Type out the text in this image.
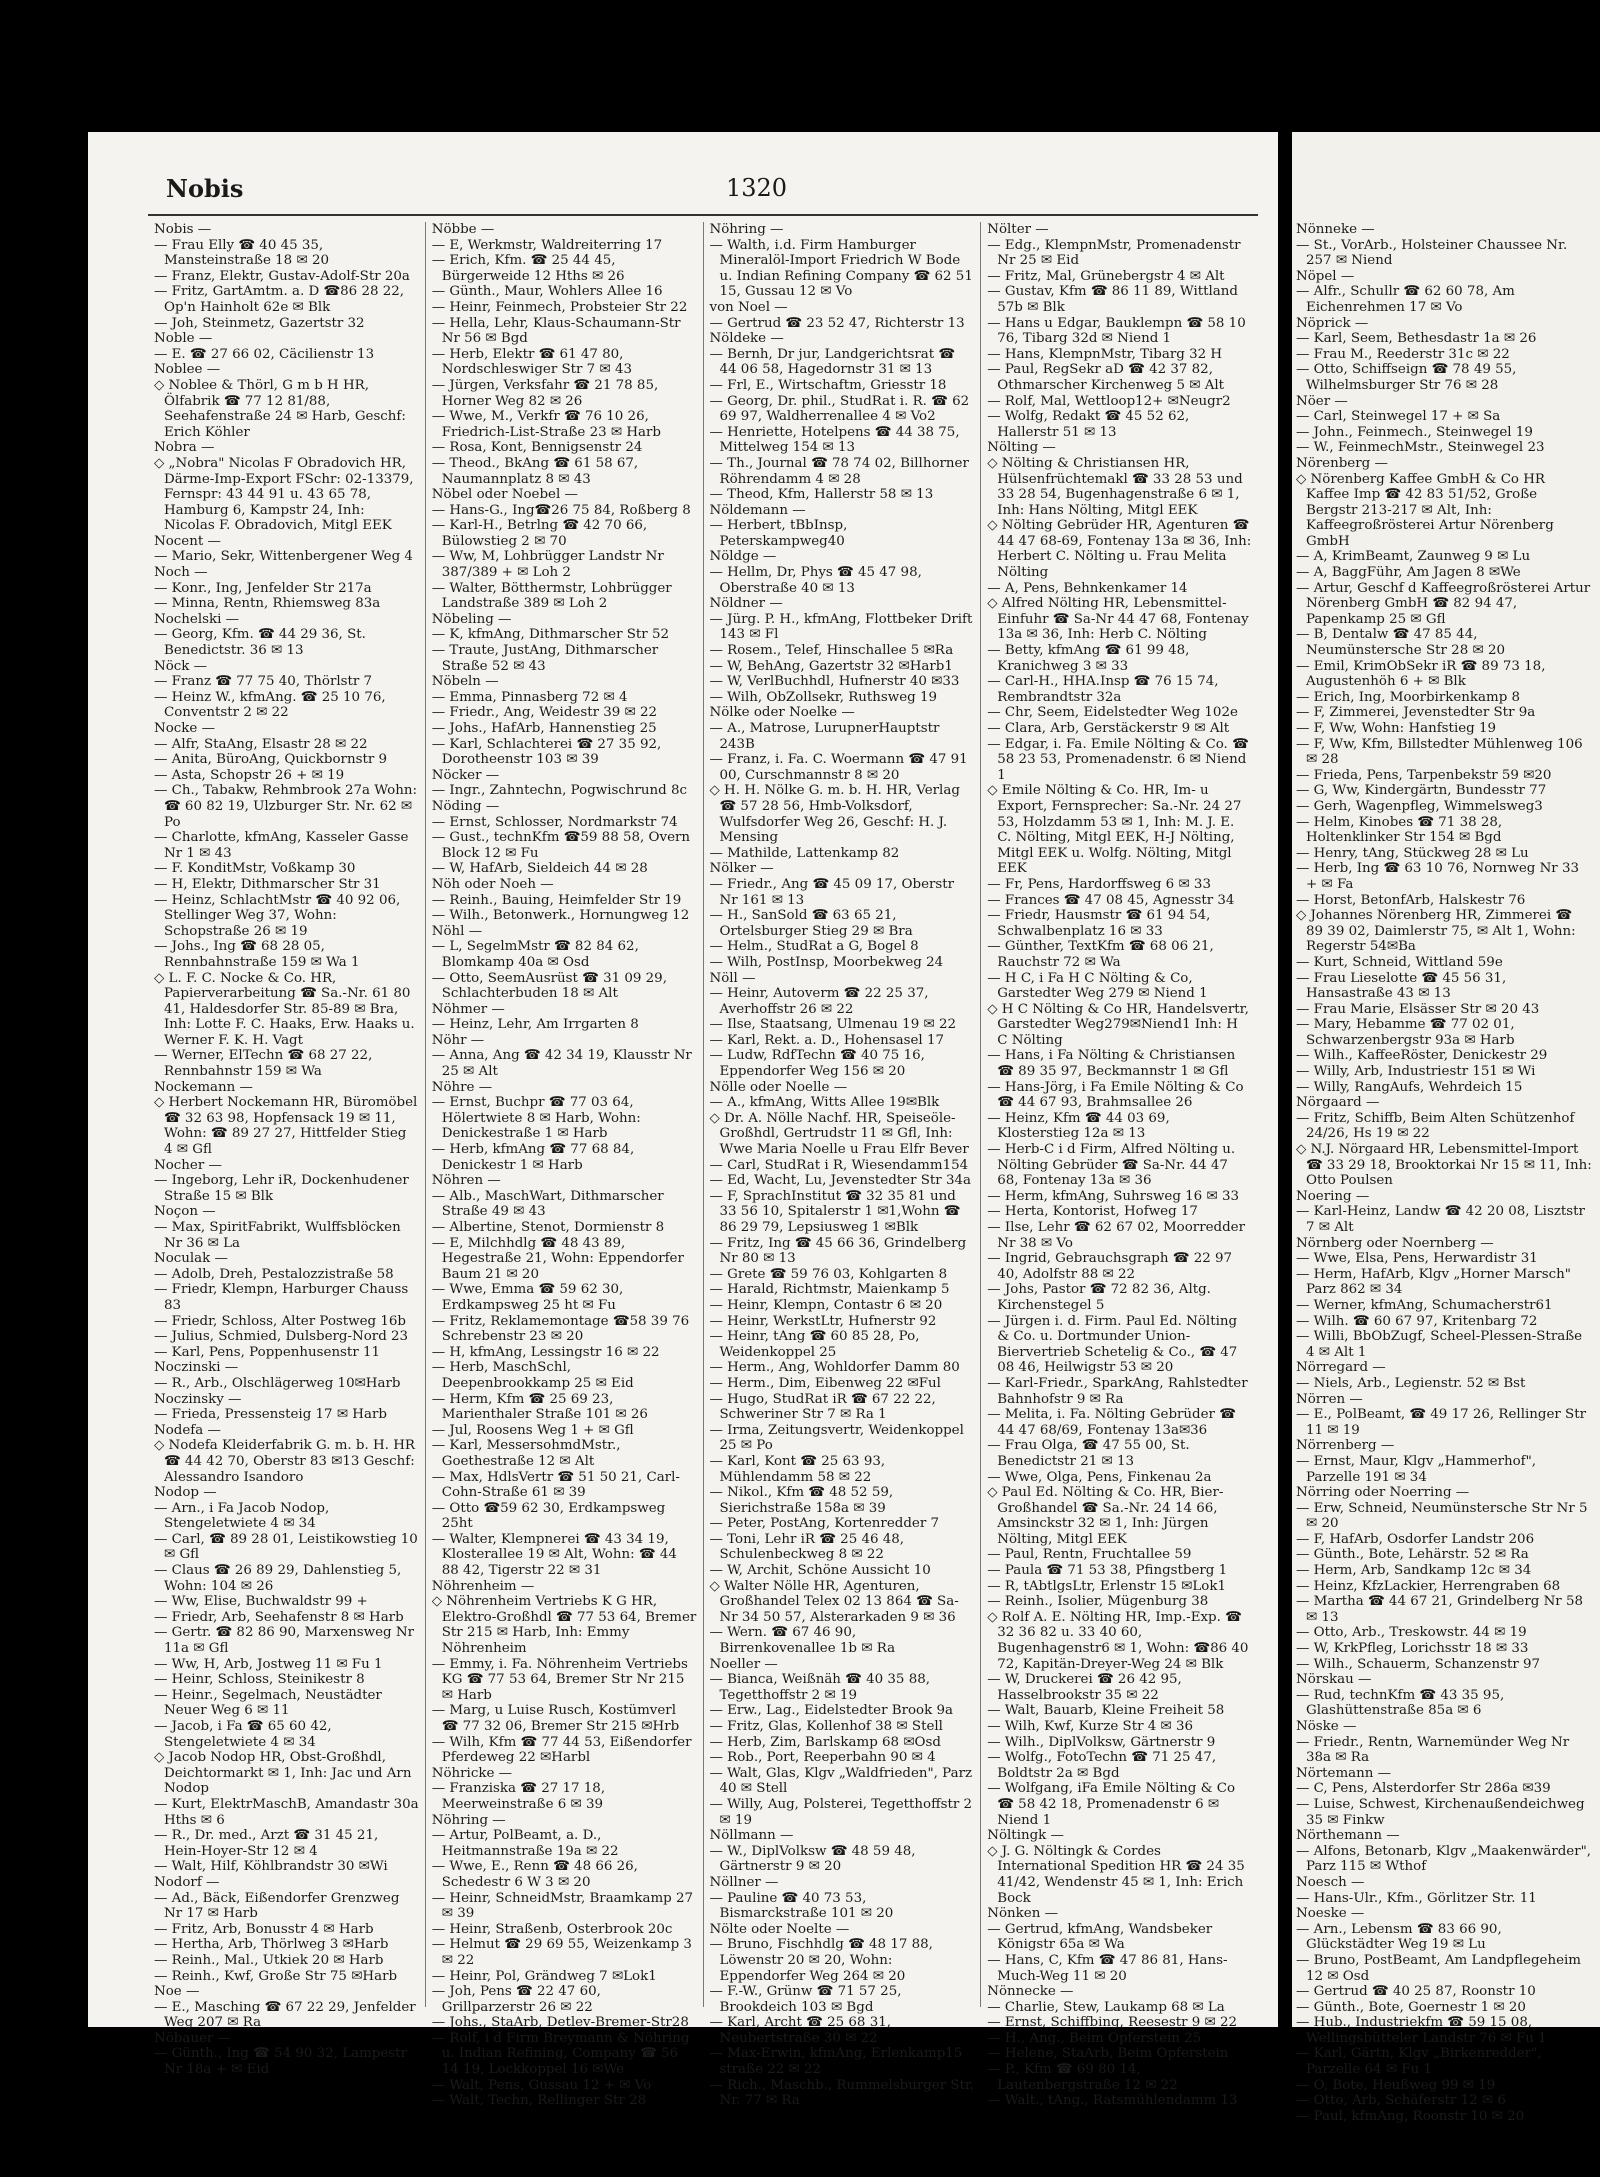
Nobis	1320

Nobis —

— Frau Elly ☎ 40 45 35, Mansteinstraße 18 ✉ 20

— Franz, Elektr, Gustav-Adolf-Str 20a

— Fritz, GartAmtm. a. D ☎86 28 22, Op'n Hainholt 62e ✉ Blk

— Joh, Steinmetz, Gazertstr 32

Noble —

— E. ☎ 27 66 02, Cäcilienstr 13

Noblee —

◇ Noblee & Thörl, G m b H HR, Ölfabrik ☎ 77 12 81/88, Seehafenstraße 24 ✉ Harb, Geschf: Erich Köhler

Nobra —

◇ „Nobra" Nicolas F Obradovich HR, Därme-Imp-Export FSchr: 02-13379, Fernspr: 43 44 91 u. 43 65 78, Hamburg 6, Kampstr 24, Inh: Nicolas F. Obradovich, Mitgl EEK

Nocent —

— Mario, Sekr, Wittenbergener Weg 4

Noch —

— Konr., Ing, Jenfelder Str 217a

— Minna, Rentn, Rhiemsweg 83a

Nochelski —

— Georg, Kfm. ☎ 44 29 36, St. Benedictstr. 36 ✉ 13

Nöck —

— Franz ☎ 77 75 40, Thörlstr 7

— Heinz W., kfmAng. ☎ 25 10 76, Conventstr 2 ✉ 22

Nocke —

— Alfr, StaAng, Elsastr 28 ✉ 22

— Anita, BüroAng, Quickbornstr 9

— Asta, Schopstr 26 + ✉ 19

— Ch., Tabakw, Rehmbrook 27a Wohn: ☎ 60 82 19, Ulzburger Str. Nr. 62 ✉ Po

— Charlotte, kfmAng, Kasseler Gasse Nr 1 ✉ 43

— F. KonditMstr, Voßkamp 30

— H, Elektr, Dithmarscher Str 31

— Heinz, SchlachtMstr ☎ 40 92 06, Stellinger Weg 37, Wohn: Schopstraße 26 ✉ 19

— Johs., Ing ☎ 68 28 05, Rennbahnstraße 159 ✉ Wa 1

◇ L. F. C. Nocke & Co. HR, Papierverarbeitung ☎ Sa.-Nr. 61 80 41, Haldesdorfer Str. 85-89 ✉ Bra, Inh: Lotte F. C. Haaks, Erw. Haaks u. Werner F. K. H. Vagt

— Werner, ElTechn ☎ 68 27 22, Rennbahnstr 159 ✉ Wa

Nockemann —

◇ Herbert Nockemann HR, Büromöbel ☎ 32 63 98, Hopfensack 19 ✉ 11, Wohn: ☎ 89 27 27, Hittfelder Stieg 4 ✉ Gfl

Nocher —

— Ingeborg, Lehr iR, Dockenhudener Straße 15 ✉ Blk

Noçon —

— Max, SpiritFabrikt, Wulffsblöcken Nr 36 ✉ La

Noculak —

— Adolb, Dreh, Pestalozzistraße 58

— Friedr, Klempn, Harburger Chauss 83

— Friedr, Schloss, Alter Postweg 16b

— Julius, Schmied, Dulsberg-Nord 23

— Karl, Pens, Poppenhusenstr 11

Noczinski —

— R., Arb., Olschlägerweg 10✉Harb

Noczinsky —

— Frieda, Pressensteig 17 ✉ Harb

Nodefa —

◇ Nodefa Kleiderfabrik G. m. b. H. HR ☎ 44 42 70, Oberstr 83 ✉13 Geschf: Alessandro Isandoro

Nodop —

— Arn., i Fa Jacob Nodop, Stengeletwiete 4 ✉ 34

— Carl, ☎ 89 28 01, Leistikowstieg 10 ✉ Gfl

— Claus ☎ 26 89 29, Dahlenstieg 5, Wohn: 104 ✉ 26

— Ww, Elise, Buchwaldstr 99 +

— Friedr, Arb, Seehafenstr 8 ✉ Harb

— Gertr. ☎ 82 86 90, Marxensweg Nr 11a ✉ Gfl

— Ww, H, Arb, Jostweg 11 ✉ Fu 1

— Heinr, Schloss, Steinikestr 8

— Heinr., Segelmach, Neustädter Neuer Weg 6 ✉ 11

— Jacob, i Fa ☎ 65 60 42, Stengeletwiete 4 ✉ 34

◇ Jacob Nodop HR, Obst-Großhdl, Deichtormarkt ✉ 1, Inh: Jac und Arn Nodop

— Kurt, ElektrMaschB, Amandastr 30a Hths ✉ 6

— R., Dr. med., Arzt ☎ 31 45 21, Hein-Hoyer-Str 12 ✉ 4

— Walt, Hilf, Köhlbrandstr 30 ✉Wi

Nodorf —

— Ad., Bäck, Eißendorfer Grenzweg Nr 17 ✉ Harb

— Fritz, Arb, Bonusstr 4 ✉ Harb

— Hertha, Arb, Thörlweg 3 ✉Harb

— Reinh., Mal., Utkiek 20 ✉ Harb

— Reinh., Kwf, Große Str 75 ✉Harb

Noe —

— E., Masching ☎ 67 22 29, Jenfelder Weg 207 ✉ Ra

Nöbauer —

— Günth., Ing ☎ 54 90 32, Lampestr Nr 18a + ✉ Eid

Nöbbe —

— E, Werkmstr, Waldreiterring 17

— Erich, Kfm. ☎ 25 44 45, Bürgerweide 12 Hths ✉ 26

— Günth., Maur, Wohlers Allee 16

— Heinr, Feinmech, Probsteier Str 22

— Hella, Lehr, Klaus-Schaumann-Str Nr 56 ✉ Bgd

— Herb, Elektr ☎ 61 47 80, Nordschleswiger Str 7 ✉ 43

— Jürgen, Verksfahr ☎ 21 78 85, Horner Weg 82 ✉ 26

— Wwe, M., Verkfr ☎ 76 10 26, Friedrich-List-Straße 23 ✉ Harb

— Rosa, Kont, Bennigsenstr 24

— Theod., BkAng ☎ 61 58 67, Naumannplatz 8 ✉ 43

Nöbel oder Noebel —

— Hans-G., Ing☎26 75 84, Roßberg 8

— Karl-H., Betrlng ☎ 42 70 66, Bülowstieg 2 ✉ 70

— Ww, M, Lohbrügger Landstr Nr 387/389 + ✉ Loh 2

— Walter, Bötthermstr, Lohbrügger Landstraße 389 ✉ Loh 2

Nöbeling —

— K, kfmAng, Dithmarscher Str 52

— Traute, JustAng, Dithmarscher Straße 52 ✉ 43

Nöbeln —

— Emma, Pinnasberg 72 ✉ 4

— Friedr., Ang, Weidestr 39 ✉ 22

— Johs., HafArb, Hannenstieg 25

— Karl, Schlachterei ☎ 27 35 92, Dorotheenstr 103 ✉ 39

Nöcker —

— Ingr., Zahntechn, Pogwischrund 8c

Nöding —

— Ernst, Schlosser, Nordmarkstr 74

— Gust., technKfm ☎59 88 58, Overn Block 12 ✉ Fu

— W, HafArb, Sieldeich 44 ✉ 28

Nöh oder Noeh —

— Reinh., Bauing, Heimfelder Str 19

— Wilh., Betonwerk., Hornungweg 12

Nöhl —

— L, SegelmMstr ☎ 82 84 62, Blomkamp 40a ✉ Osd

— Otto, SeemAusrüst ☎ 31 09 29, Schlachterbuden 18 ✉ Alt

Nöhmer —

— Heinz, Lehr, Am Irrgarten 8

Nöhr —

— Anna, Ang ☎ 42 34 19, Klausstr Nr 25 ✉ Alt

Nöhre —

— Ernst, Buchpr ☎ 77 03 64, Hölertwiete 8 ✉ Harb, Wohn: Denickestraße 1 ✉ Harb

— Herb, kfmAng ☎ 77 68 84, Denickestr 1 ✉ Harb

Nöhren —

— Alb., MaschWart, Dithmarscher Straße 49 ✉ 43

— Albertine, Stenot, Dormienstr 8

— E, Milchhdlg ☎ 48 43 89, Hegestraße 21, Wohn: Eppendorfer Baum 21 ✉ 20

— Wwe, Emma ☎ 59 62 30, Erdkampsweg 25 ht ✉ Fu

— Fritz, Reklamemontage ☎58 39 76 Schrebenstr 23 ✉ 20

— H, kfmAng, Lessingstr 16 ✉ 22

— Herb, MaschSchl, Deepenbrookkamp 25 ✉ Eid

— Herm, Kfm ☎ 25 69 23, Marienthaler Straße 101 ✉ 26

— Jul, Roosens Weg 1 + ✉ Gfl

— Karl, MessersohmdMstr., Goethestraße 12 ✉ Alt

— Max, HdlsVertr ☎ 51 50 21, Carl-Cohn-Straße 61 ✉ 39

— Otto ☎59 62 30, Erdkampsweg 25ht

— Walter, Klempnerei ☎ 43 34 19, Klosterallee 19 ✉ Alt, Wohn: ☎ 44 88 42, Tigerstr 22 ✉ 31

Nöhrenheim —

◇ Nöhrenheim Vertriebs K G HR, Elektro-Großhdl ☎ 77 53 64, Bremer Str 215 ✉ Harb, Inh: Emmy Nöhrenheim

— Emmy, i. Fa. Nöhrenheim Vertriebs KG ☎ 77 53 64, Bremer Str Nr 215 ✉ Harb

— Marg, u Luise Rusch, Kostümverl ☎ 77 32 06, Bremer Str 215 ✉Hrb

— Wilh, Kfm ☎ 77 44 53, Eißendorfer Pferdeweg 22 ✉Harbl

Nöhricke —

— Franziska ☎ 27 17 18, Meerweinstraße 6 ✉ 39

Nöhring —

— Artur, PolBeamt, a. D., Heitmannstraße 19a ✉ 22

— Wwe, E., Renn ☎ 48 66 26, Schedestr 6 W 3 ✉ 20

— Heinr, SchneidMstr, Braamkamp 27 ✉ 39

— Heinr, Straßenb, Osterbrook 20c

— Helmut ☎ 29 69 55, Weizenkamp 3 ✉ 22

— Heinr, Pol, Grändweg 7 ✉Lok1

— Joh, Pens ☎ 22 47 60, Grillparzerstr 26 ✉ 22

— Johs., StaArb, Detlev-Bremer-Str28

— Rolf, i d Firm Breymann & Nöhring u. Indian Refining, Company ☎ 56 14 19, Lockkoppel 16 ✉We

— Walt, Pens, Gussau 12 + ✉ Vo

— Walt, Techn, Rellinger Str 28

Nöhring —

— Walth, i.d. Firm Hamburger Mineralöl-Import Friedrich W Bode u. Indian Refining Company ☎ 62 51 15, Gussau 12 ✉ Vo

von Noel —

— Gertrud ☎ 23 52 47, Richterstr 13

Nöldeke —

— Bernh, Dr jur, Landgerichtsrat ☎ 44 06 58, Hagedornstr 31 ✉ 13

— Frl, E., Wirtschaftm, Griesstr 18

— Georg, Dr. phil., StudRat i. R. ☎ 62 69 97, Waldherrenallee 4 ✉ Vo2

— Henriette, Hotelpens ☎ 44 38 75, Mittelweg 154 ✉ 13

— Th., Journal ☎ 78 74 02, Billhorner Röhrendamm 4 ✉ 28

— Theod, Kfm, Hallerstr 58 ✉ 13

Nöldemann —

— Herbert, tBbInsp, Peterskampweg40

Nöldge —

— Hellm, Dr, Phys ☎ 45 47 98, Oberstraße 40 ✉ 13

Nöldner —

— Jürg. P. H., kfmAng, Flottbeker Drift 143 ✉ Fl

— Rosem., Telef, Hinschallee 5 ✉Ra

— W, BehAng, Gazertstr 32 ✉Harb1

— W, VerlBuchhdl, Hufnerstr 40 ✉33

— Wilh, ObZollsekr, Ruthsweg 19

Nölke oder Noelke —

— A., Matrose, LurupnerHauptstr 243B

— Franz, i. Fa. C. Woermann ☎ 47 91 00, Curschmannstr 8 ✉ 20

◇ H. H. Nölke G. m. b. H. HR, Verlag ☎ 57 28 56, Hmb-Volksdorf, Wulfsdorfer Weg 26, Geschf: H. J. Mensing

— Mathilde, Lattenkamp 82

Nölker —

— Friedr., Ang ☎ 45 09 17, Oberstr Nr 161 ✉ 13

— H., SanSold ☎ 63 65 21, Ortelsburger Stieg 29 ✉ Bra

— Helm., StudRat a G, Bogel 8

— Wilh, PostInsp, Moorbekweg 24

Nöll —

— Heinr, Autoverm ☎ 22 25 37, Averhoffstr 26 ✉ 22

— Ilse, Staatsang, Ulmenau 19 ✉ 22

— Karl, Rekt. a. D., Hohensasel 17

— Ludw, RdfTechn ☎ 40 75 16, Eppendorfer Weg 156 ✉ 20

Nölle oder Noelle —

— A., kfmAng, Witts Allee 19✉Blk

◇ Dr. A. Nölle Nachf. HR, Speiseöle-Großhdl, Gertrudstr 11 ✉ Gfl, Inh: Wwe Maria Noelle u Frau Elfr Bever

— Carl, StudRat i R, Wiesendamm154

— Ed, Wacht, Lu, Jevenstedter Str 34a

— F, SprachInstitut ☎ 32 35 81 und 33 56 10, Spitalerstr 1 ✉1,Wohn ☎ 86 29 79, Lepsiusweg 1 ✉Blk

— Fritz, Ing ☎ 45 66 36, Grindelberg Nr 80 ✉ 13

— Grete ☎ 59 76 03, Kohlgarten 8

— Harald, Richtmstr, Maienkamp 5

— Heinr, Klempn, Contastr 6 ✉ 20

— Heinr, WerkstLtr, Hufnerstr 92

— Heinr, tAng ☎ 60 85 28, Po, Weidenkoppel 25

— Herm., Ang, Wohldorfer Damm 80

— Herm., Dim, Eibenweg 22 ✉Ful

— Hugo, StudRat iR ☎ 67 22 22, Schweriner Str 7 ✉ Ra 1

— Irma, Zeitungsvertr, Weidenkoppel 25 ✉ Po

— Karl, Kont ☎ 25 63 93, Mühlendamm 58 ✉ 22

— Nikol., Kfm ☎ 48 52 59, Sierichstraße 158a ✉ 39

— Peter, PostAng, Kortenredder 7

— Toni, Lehr iR ☎ 25 46 48, Schulenbeckweg 8 ✉ 22

— W, Archit, Schöne Aussicht 10

◇ Walter Nölle HR, Agenturen, Großhandel Telex 02 13 864 ☎ Sa-Nr 34 50 57, Alsterarkaden 9 ✉ 36

— Wern. ☎ 67 46 90, Birrenkovenallee 1b ✉ Ra

Noeller —

— Bianca, Weißnäh ☎ 40 35 88, Tegetthoffstr 2 ✉ 19

— Erw., Lag., Eidelstedter Brook 9a

— Fritz, Glas, Kollenhof 38 ✉ Stell

— Herb, Zim, Barlskamp 68 ✉Osd

— Rob., Port, Reeperbahn 90 ✉ 4

— Walt, Glas, Klgv „Waldfrieden", Parz 40 ✉ Stell

— Willy, Aug, Polsterei, Tegetthoffstr 2 ✉ 19

Nöllmann —

— W., DiplVolksw ☎ 48 59 48, Gärtnerstr 9 ✉ 20

Nöllner —

— Pauline ☎ 40 73 53, Bismarckstraße 101 ✉ 20

Nölte oder Noelte —

— Bruno, Fischhdlg ☎ 48 17 88, Löwenstr 20 ✉ 20, Wohn: Eppendorfer Weg 264 ✉ 20

— F.-W., Grünw ☎ 71 57 25, Brookdeich 103 ✉ Bgd

— Karl, Archt ☎ 25 68 31, Neubertstraße 30 ✉ 22

— Max-Erwin, kfmAng, Erlenkamp15 straße 22 ✉ 22

— Rich., Maschb., Rummelsburger Str. Nr. 77 ✉ Ra

Nölter —

— Edg., KlempnMstr, Promenadenstr Nr 25 ✉ Eid

— Fritz, Mal, Grünebergstr 4 ✉ Alt

— Gustav, Kfm ☎ 86 11 89, Wittland 57b ✉ Blk

— Hans u Edgar, Bauklempn ☎ 58 10 76, Tibarg 32d ✉ Niend 1

— Hans, KlempnMstr, Tibarg 32 H

— Paul, RegSekr aD ☎ 42 37 82, Othmarscher Kirchenweg 5 ✉ Alt

— Rolf, Mal, Wettloop12+ ✉Neugr2

— Wolfg, Redakt ☎ 45 52 62, Hallerstr 51 ✉ 13

Nölting —

◇ Nölting & Christiansen HR, Hülsenfrüchtemakl ☎ 33 28 53 und 33 28 54, Bugenhagenstraße 6 ✉ 1, Inh: Hans Nölting, Mitgl EEK

◇ Nölting Gebrüder HR, Agenturen ☎ 44 47 68-69, Fontenay 13a ✉ 36, Inh: Herbert C. Nölting u. Frau Melita Nölting

— A, Pens, Behnkenkamer 14

◇ Alfred Nölting HR, Lebensmittel-Einfuhr ☎ Sa-Nr 44 47 68, Fontenay 13a ✉ 36, Inh: Herb C. Nölting

— Betty, kfmAng ☎ 61 99 48, Kranichweg 3 ✉ 33

— Carl-H., HHA.Insp ☎ 76 15 74, Rembrandtstr 32a

— Chr, Seem, Eidelstedter Weg 102e

— Clara, Arb, Gerstäckerstr 9 ✉ Alt

— Edgar, i. Fa. Emile Nölting & Co. ☎ 58 23 53, Promenadenstr. 6 ✉ Niend 1

◇ Emile Nölting & Co. HR, Im- u Export, Fernsprecher: Sa.-Nr. 24 27 53, Holzdamm 53 ✉ 1, Inh: M. J. E. C. Nölting, Mitgl EEK, H-J Nölting, Mitgl EEK u. Wolfg. Nölting, Mitgl EEK

— Fr, Pens, Hardorffsweg 6 ✉ 33

— Frances ☎ 47 08 45, Agnesstr 34

— Friedr, Hausmstr ☎ 61 94 54, Schwalbenplatz 16 ✉ 33

— Günther, TextKfm ☎ 68 06 21, Rauchstr 72 ✉ Wa

— H C, i Fa H C Nölting & Co, Garstedter Weg 279 ✉ Niend 1

◇ H C Nölting & Co HR, Handelsvertr, Garstedter Weg279✉Niend1 Inh: H C Nölting

— Hans, i Fa Nölting & Christiansen ☎ 89 35 97, Beckmannstr 1 ✉ Gfl

— Hans-Jörg, i Fa Emile Nölting & Co ☎ 44 67 93, Brahmsallee 26

— Heinz, Kfm ☎ 44 03 69, Klosterstieg 12a ✉ 13

— Herb-C i d Firm, Alfred Nölting u. Nölting Gebrüder ☎ Sa-Nr. 44 47 68, Fontenay 13a ✉ 36

— Herm, kfmAng, Suhrsweg 16 ✉ 33

— Herta, Kontorist, Hofweg 17

— Ilse, Lehr ☎ 62 67 02, Moorredder Nr 38 ✉ Vo

— Ingrid, Gebrauchsgraph ☎ 22 97 40, Adolfstr 88 ✉ 22

— Johs, Pastor ☎ 72 82 36, Altg. Kirchenstegel 5

— Jürgen i. d. Firm. Paul Ed. Nölting & Co. u. Dortmunder Union-Biervertrieb Schetelig & Co., ☎ 47 08 46, Heilwigstr 53 ✉ 20

— Karl-Friedr., SparkAng, Rahlstedter Bahnhofstr 9 ✉ Ra

— Melita, i. Fa. Nölting Gebrüder ☎ 44 47 68/69, Fontenay 13a✉36

— Frau Olga, ☎ 47 55 00, St. Benedictstr 21 ✉ 13

— Wwe, Olga, Pens, Finkenau 2a

◇ Paul Ed. Nölting & Co. HR, Bier-Großhandel ☎ Sa.-Nr. 24 14 66, Amsinckstr 32 ✉ 1, Inh: Jürgen Nölting, Mitgl EEK

— Paul, Rentn, Fruchtallee 59

— Paula ☎ 71 53 38, Pfingstberg 1

— R, tAbtlgsLtr, Erlenstr 15 ✉Lok1

— Reinh., Isolier, Mügenburg 38

◇ Rolf A. E. Nölting HR, Imp.-Exp. ☎ 32 36 82 u. 33 40 60, Bugenhagenstr6 ✉ 1, Wohn: ☎86 40 72, Kapitän-Dreyer-Weg 24 ✉ Blk

— W, Druckerei ☎ 26 42 95, Hasselbrookstr 35 ✉ 22

— Walt, Bauarb, Kleine Freiheit 58

— Wilh, Kwf, Kurze Str 4 ✉ 36

— Wilh., DiplVolksw, Gärtnerstr 9

— Wolfg., FotoTechn ☎ 71 25 47, Boldtstr 2a ✉ Bgd

— Wolfgang, iFa Emile Nölting & Co ☎ 58 42 18, Promenadenstr 6 ✉ Niend 1

Nöltingk —

◇ J. G. Nöltingk & Cordes International Spedition HR ☎ 24 35 41/42, Wendenstr 45 ✉ 1, Inh: Erich Bock

Nönken —

— Gertrud, kfmAng, Wandsbeker Königstr 65a ✉ Wa

— Hans, C, Kfm ☎ 47 86 81, Hans-Much-Weg 11 ✉ 20

Nönnecke —

— Charlie, Stew, Laukamp 68 ✉ La

— Ernst, Schiffbing, Reesestr 9 ✉ 22

— H., Ang., Beim Opferstein 25

— Helene, StaArb, Beim Opferstein

— P., Kfm ☎ 69 80 14, Lautenbergstraße 12 ✉ 22

— Walt., tAng., Ratsmühlendamm 13

Nönneke —

— St., VorArb., Holsteiner Chaussee Nr. 257 ✉ Niend

Nöpel —

— Alfr., Schullr ☎ 62 60 78, Am Eichenrehmen 17 ✉ Vo

Nöprick —

— Karl, Seem, Bethesdastr 1a ✉ 26

— Frau M., Reederstr 31c ✉ 22

— Otto, Schiffseign ☎ 78 49 55, Wilhelmsburger Str 76 ✉ 28

Nöer —

— Carl, Steinwegel 17 + ✉ Sa

— John., Feinmech., Steinwegel 19

— W., FeinmechMstr., Steinwegel 23

Nörenberg —

◇ Nörenberg Kaffee GmbH & Co HR Kaffee Imp ☎ 42 83 51/52, Große Bergstr 213-217 ✉ Alt, Inh: Kaffeegroßrösterei Artur Nörenberg GmbH

— A, KrimBeamt, Zaunweg 9 ✉ Lu

— A, BaggFühr, Am Jagen 8 ✉We

— Artur, Geschf d Kaffeegroßrösterei Artur Nörenberg GmbH ☎ 82 94 47, Papenkamp 25 ✉ Gfl

— B, Dentalw ☎ 47 85 44, Neumünstersche Str 28 ✉ 20

— Emil, KrimObSekr iR ☎ 89 73 18, Augustenhöh 6 + ✉ Blk

— Erich, Ing, Moorbirkenkamp 8

— F, Zimmerei, Jevenstedter Str 9a

— F, Ww, Wohn: Hanfstieg 19

— F, Ww, Kfm, Billstedter Mühlenweg 106 ✉ 28

— Frieda, Pens, Tarpenbekstr 59 ✉20

— G, Ww, Kindergärtn, Bundesstr 77

— Gerh, Wagenpfleg, Wimmelsweg3

— Helm, Kinobes ☎ 71 38 28, Holtenklinker Str 154 ✉ Bgd

— Henry, tAng, Stückweg 28 ✉ Lu

— Herb, Ing ☎ 63 10 76, Nornweg Nr 33 + ✉ Fa

— Horst, BetonfArb, Halskestr 76

◇ Johannes Nörenberg HR, Zimmerei ☎ 89 39 02, Daimlerstr 75, ✉ Alt 1, Wohn: Regerstr 54✉Ba

— Kurt, Schneid, Wittland 59e

— Frau Lieselotte ☎ 45 56 31, Hansastraße 43 ✉ 13

— Frau Marie, Elsässer Str ✉ 20 43

— Mary, Hebamme ☎ 77 02 01, Schwarzenbergstr 93a ✉ Harb

— Wilh., KaffeeRöster, Denickestr 29

— Willy, Arb, Industriestr 151 ✉ Wi

— Willy, RangAufs, Wehrdeich 15

Nörgaard —

— Fritz, Schiffb, Beim Alten Schützenhof 24/26, Hs 19 ✉ 22

◇ N.J. Nörgaard HR, Lebensmittel-Import ☎ 33 29 18, Brooktorkai Nr 15 ✉ 11, Inh: Otto Poulsen

Noering —

— Karl-Heinz, Landw ☎ 42 20 08, Lisztstr 7 ✉ Alt

Nörnberg oder Noernberg —

— Wwe, Elsa, Pens, Herwardistr 31

— Herm, HafArb, Klgv „Horner Marsch" Parz 862 ✉ 34

— Werner, kfmAng, Schumacherstr61

— Wilh. ☎ 60 67 97, Kritenbarg 72

— Willi, BbObZugf, Scheel-Plessen-Straße 4 ✉ Alt 1

Nörregard —

— Niels, Arb., Legienstr. 52 ✉ Bst

Nörren —

— E., PolBeamt, ☎ 49 17 26, Rellinger Str 11 ✉ 19

Nörrenberg —

— Ernst, Maur, Klgv „Hammerhof", Parzelle 191 ✉ 34

Nörring oder Noerring —

— Erw, Schneid, Neumünstersche Str Nr 5 ✉ 20

— F, HafArb, Osdorfer Landstr 206

— Günth., Bote, Lehärstr. 52 ✉ Ra

— Herm, Arb, Sandkamp 12c ✉ 34

— Heinz, KfzLackier, Herrengraben 68

— Martha ☎ 44 67 21, Grindelberg Nr 58 ✉ 13

— Otto, Arb., Treskowstr. 44 ✉ 19

— W, KrkPfleg, Lorichsstr 18 ✉ 33

— Wilh., Schauerm, Schanzenstr 97

Nörskau —

— Rud, technKfm ☎ 43 35 95, Glashüttenstraße 85a ✉ 6

Nöske —

— Friedr., Rentn, Warnemünder Weg Nr 38a ✉ Ra

Nörtemann —

— C, Pens, Alsterdorfer Str 286a ✉39

— Luise, Schwest, Kirchenaußendeichweg 35 ✉ Finkw

Nörthemann —

— Alfons, Betonarb, Klgv „Maakenwärder", Parz 115 ✉ Wthof

Noesch —

— Hans-Ulr., Kfm., Görlitzer Str. 11

Noeske —

— Arn., Lebensm ☎ 83 66 90, Glückstädter Weg 19 ✉ Lu

— Bruno, PostBeamt, Am Landpflegeheim 12 ✉ Osd

— Gertrud ☎ 40 25 87, Roonstr 10

— Günth., Bote, Goernestr 1 ✉ 20

— Hub., Industriekfm ☎ 59 15 08, Wellingsbütteler Landstr 76 ✉ Fu 1

— Karl, Gärtn, Klgv „Birkenredder", Parzelle 64 ✉ Fu 1

— O, Bote, Heußweg 99 ✉ 19

— Otto, Arb, Schäferstr 12 ✉ 6

— Paul, kfmAng, Roonstr 10 ✉ 20
